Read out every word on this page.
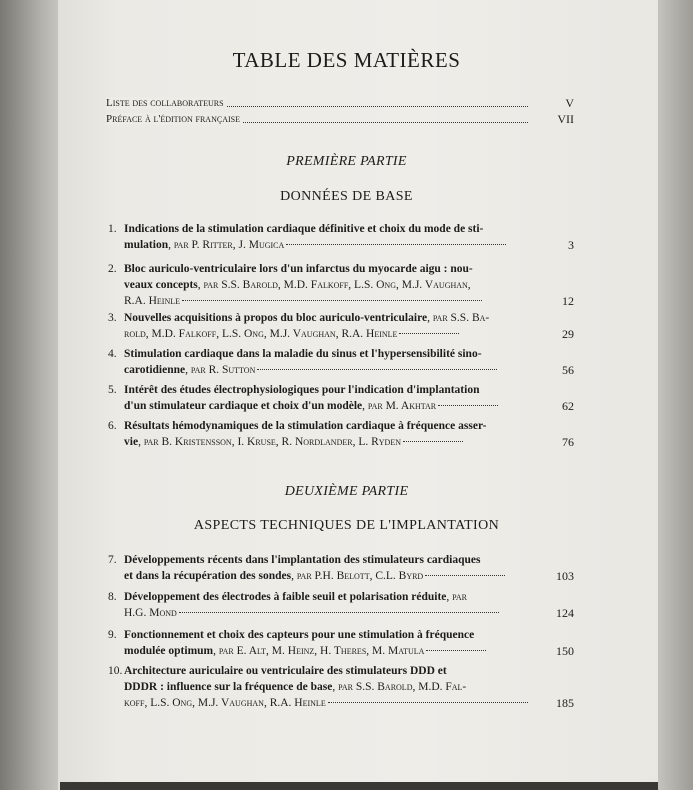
TABLE DES MATIÈRES
Liste des collaborateurs	V
Préface à l'édition française	VII
PREMIÈRE PARTIE
DONNÉES DE BASE
1. Indications de la stimulation cardiaque définitive et choix du mode de sti-
mulation, par P. Ritter, J. Mugica	3
2. Bloc auriculo-ventriculaire lors d'un infarctus du myocarde aigu : nou-
veaux concepts, par S.S. Barold, M.D. Falkoff, L.S. Ong, M.J. Vaughan,
R.A. Heinle	12
3. Nouvelles acquisitions à propos du bloc auriculo-ventriculaire, par S.S. Ba-
rold, M.D. Falkoff, L.S. Ong, M.J. Vaughan, R.A. Heinle	29
4. Stimulation cardiaque dans la maladie du sinus et l'hypersensibilité sino-
carotidienne, par R. Sutton	56
5. Intérêt des études électrophysiologiques pour l'indication d'implantation
d'un stimulateur cardiaque et choix d'un modèle, par M. Akhtar	62
6. Résultats hémodynamiques de la stimulation cardiaque à fréquence asser-
vie, par B. Kristensson, I. Kruse, R. Nordlander, L. Ryden	76
DEUXIÈME PARTIE
ASPECTS TECHNIQUES DE L'IMPLANTATION
7. Développements récents dans l'implantation des stimulateurs cardiaques
et dans la récupération des sondes, par P.H. Belott, C.L. Byrd	103
8. Développement des électrodes à faible seuil et polarisation réduite, par
H.G. Mond	124
9. Fonctionnement et choix des capteurs pour une stimulation à fréquence
modulée optimum, par E. Alt, M. Heinz, H. Theres, M. Matula	150
10. Architecture auriculaire ou ventriculaire des stimulateurs DDD et
DDDR : influence sur la fréquence de base, par S.S. Barold, M.D. Fal-
koff, L.S. Ong, M.J. Vaughan, R.A. Heinle	185
